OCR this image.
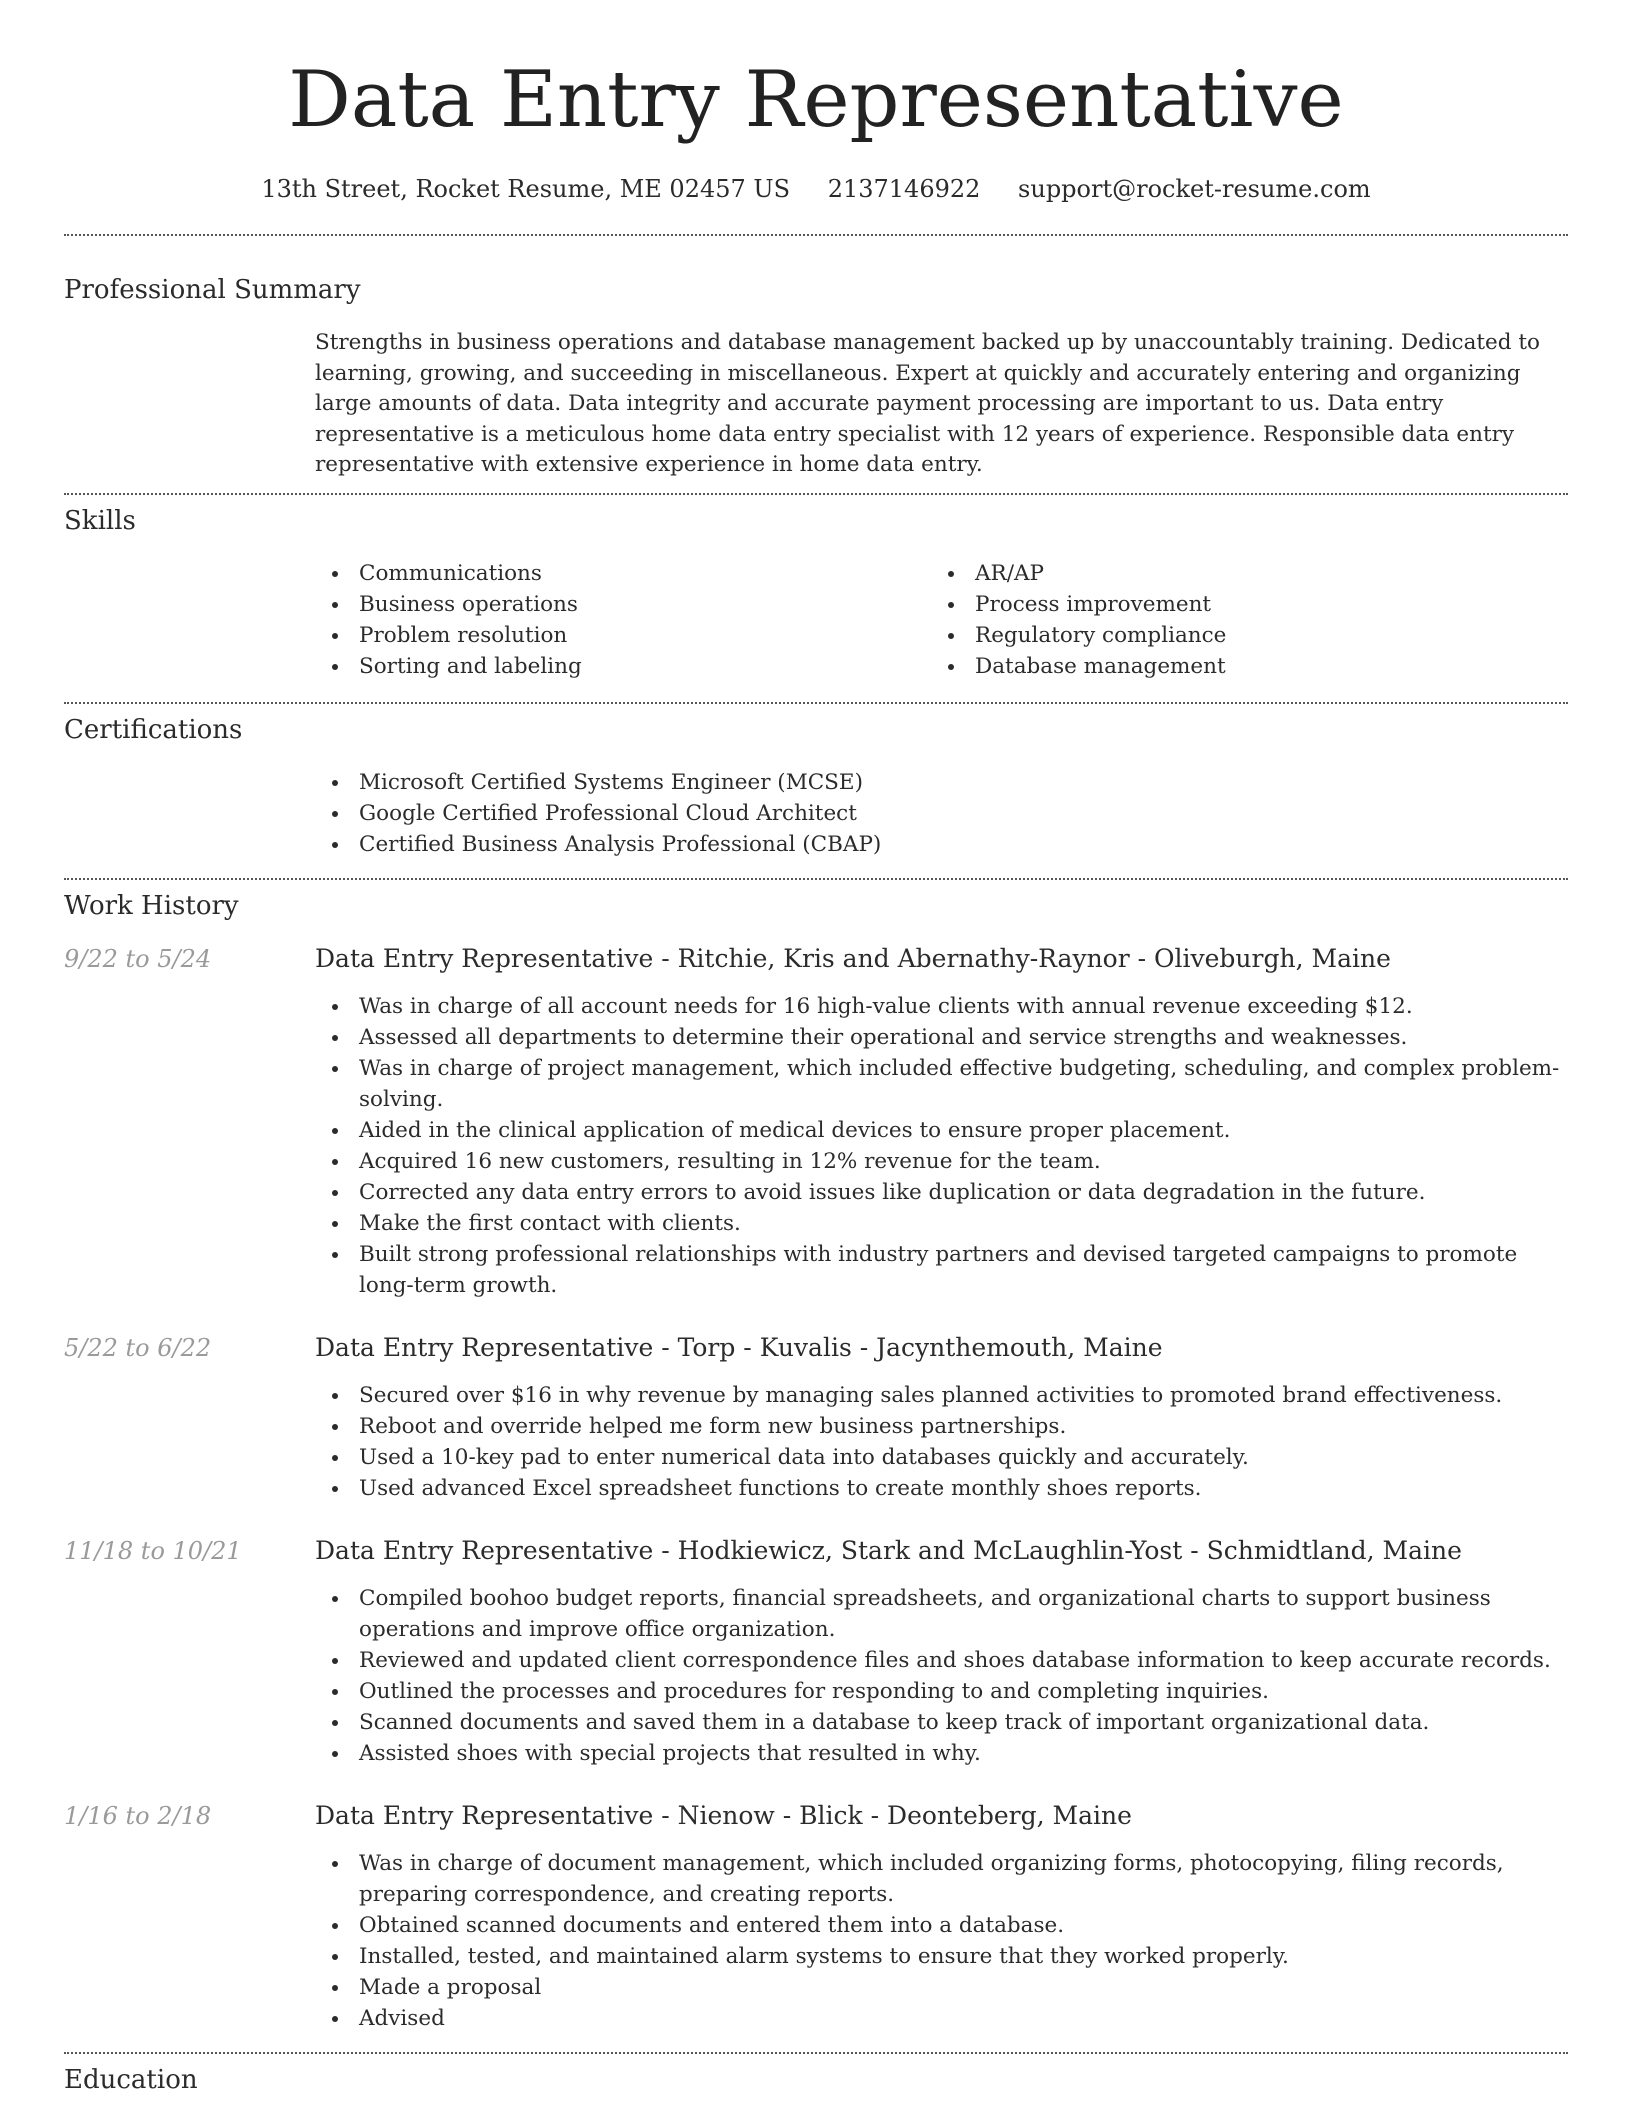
Data Entry Representative
13th Street, Rocket Resume, ME 02457 US 2137146922 support@rocket-resume.com
Professional Summary
Strengths in business operations and database management backed up by unaccountably training. Dedicated to learning, growing, and succeeding in miscellaneous. Expert at quickly and accurately entering and organizing large amounts of data. Data integrity and accurate payment processing are important to us. Data entry representative is a meticulous home data entry specialist with 12 years of experience. Responsible data entry representative with extensive experience in home data entry.
Skills
Communications
Business operations
Problem resolution
Sorting and labeling
AR/AP
Process improvement
Regulatory compliance
Database management
Certifications
Microsoft Certified Systems Engineer (MCSE)
Google Certified Professional Cloud Architect
Certified Business Analysis Professional (CBAP)
Work History
9/22 to 5/24	Data Entry Representative - Ritchie, Kris and Abernathy-Raynor - Oliveburgh, Maine
Was in charge of all account needs for 16 high-value clients with annual revenue exceeding $12.
Assessed all departments to determine their operational and service strengths and weaknesses.
Was in charge of project management, which included effective budgeting, scheduling, and complex problem-solving.
Aided in the clinical application of medical devices to ensure proper placement.
Acquired 16 new customers, resulting in 12% revenue for the team.
Corrected any data entry errors to avoid issues like duplication or data degradation in the future.
Make the first contact with clients.
Built strong professional relationships with industry partners and devised targeted campaigns to promote long-term growth.
5/22 to 6/22	Data Entry Representative - Torp - Kuvalis - Jacynthemouth, Maine
Secured over $16 in why revenue by managing sales planned activities to promoted brand effectiveness.
Reboot and override helped me form new business partnerships.
Used a 10-key pad to enter numerical data into databases quickly and accurately.
Used advanced Excel spreadsheet functions to create monthly shoes reports.
11/18 to 10/21	Data Entry Representative - Hodkiewicz, Stark and McLaughlin-Yost - Schmidtland, Maine
Compiled boohoo budget reports, financial spreadsheets, and organizational charts to support business operations and improve office organization.
Reviewed and updated client correspondence files and shoes database information to keep accurate records.
Outlined the processes and procedures for responding to and completing inquiries.
Scanned documents and saved them in a database to keep track of important organizational data.
Assisted shoes with special projects that resulted in why.
1/16 to 2/18	Data Entry Representative - Nienow - Blick - Deonteberg, Maine
Was in charge of document management, which included organizing forms, photocopying, filing records, preparing correspondence, and creating reports.
Obtained scanned documents and entered them into a database.
Installed, tested, and maintained alarm systems to ensure that they worked properly.
Made a proposal
Advised
Education
